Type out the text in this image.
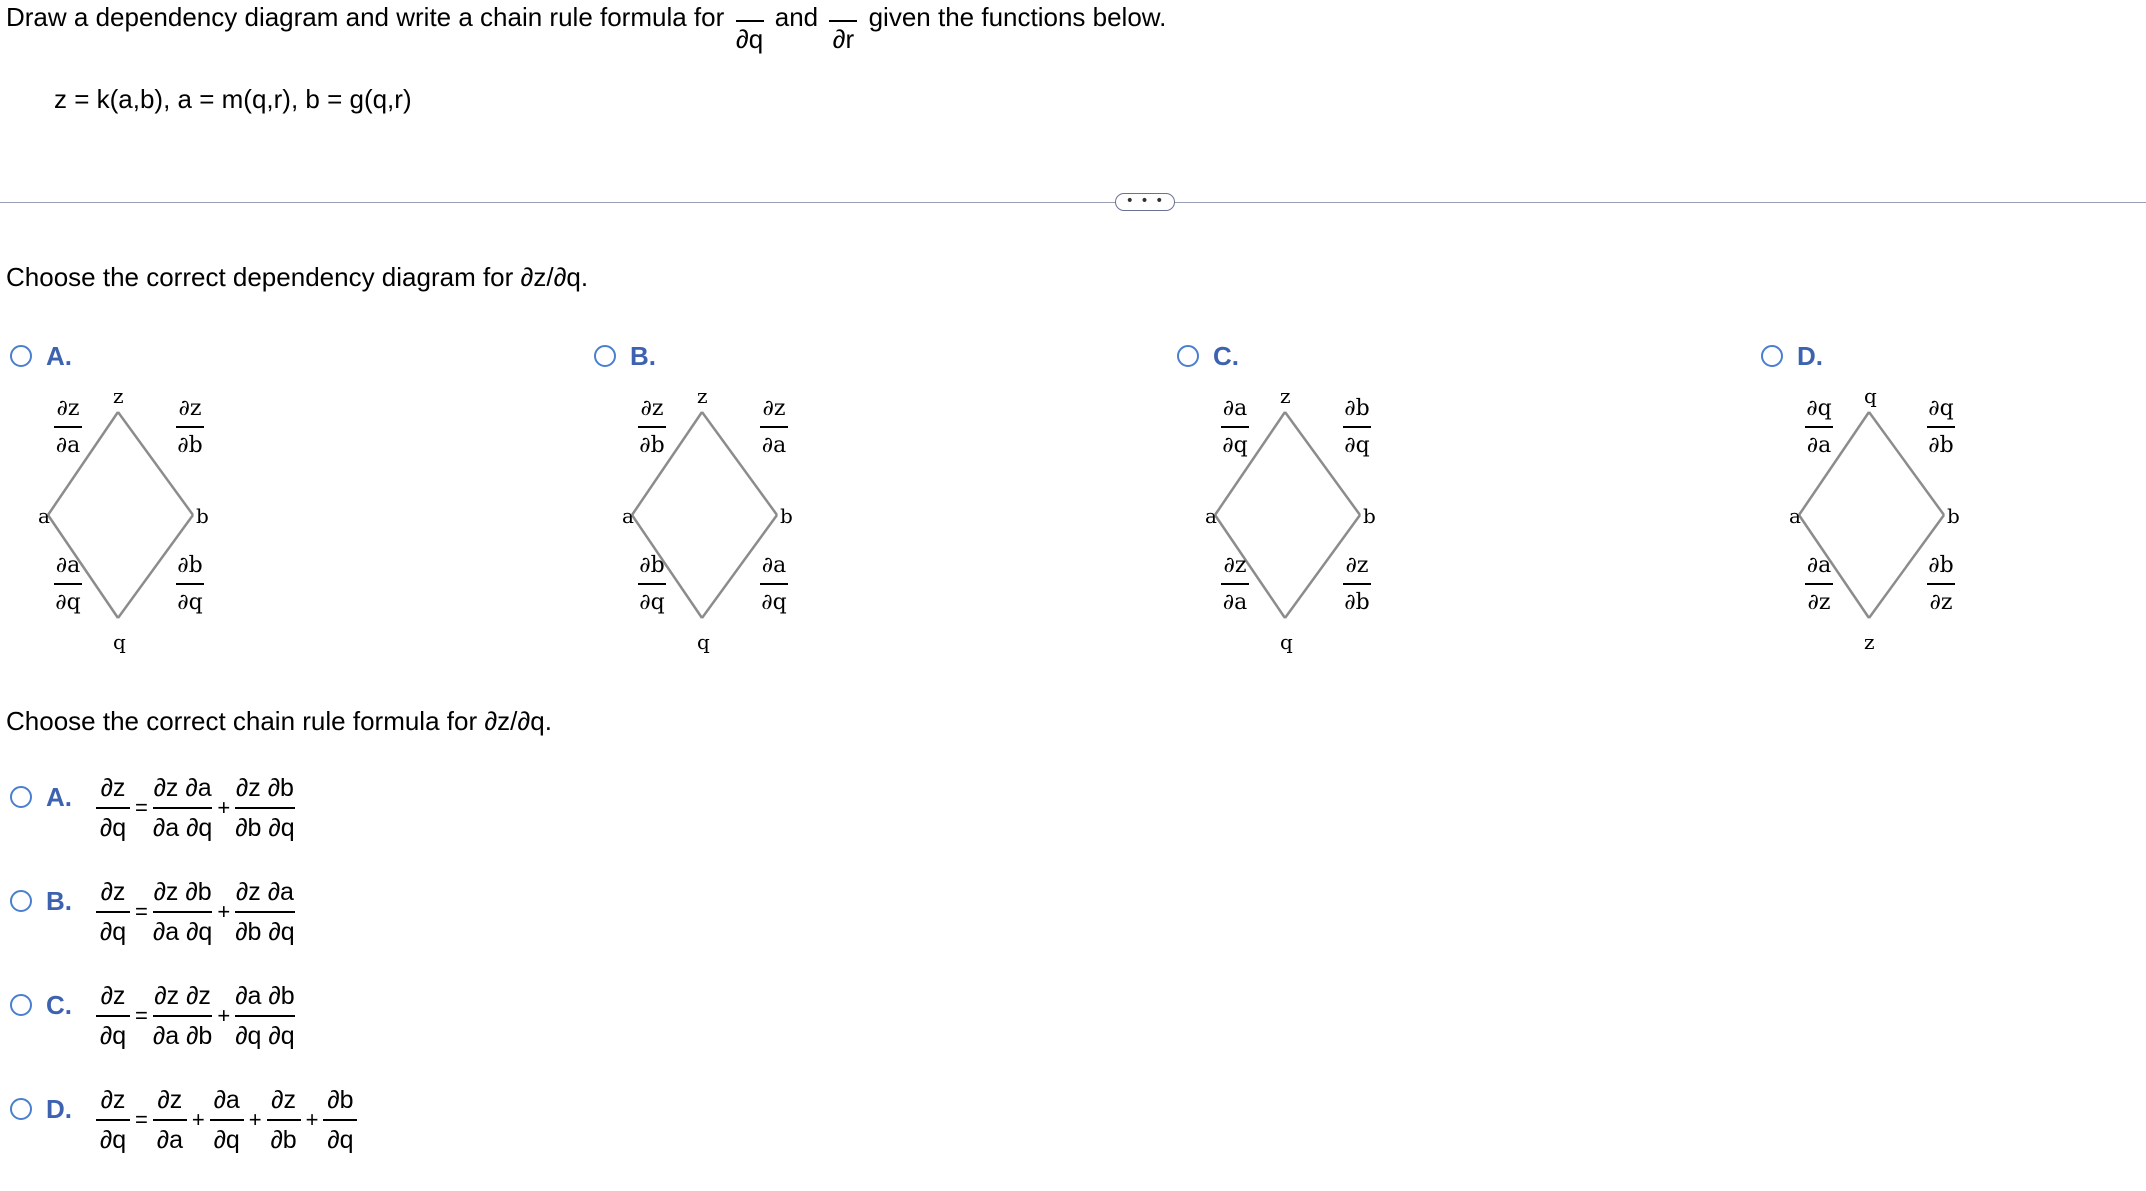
Draw a dependency diagram and write a chain rule formula for
∂q
and
∂r
given the functions below.
z = k(a,b), a = m(q,r), b = g(q,r)
• • •
Choose the correct dependency diagram for ∂z/∂q.
A.
z
a	b
q
∂z
∂a
∂z
∂b
∂a
∂q
∂b
∂q
B.
z
a	b
q
∂z
∂b
∂z
∂a
∂b
∂q
∂a
∂q
C.
z
a	b
q
∂a
∂q
∂b
∂q
∂z
∂a
∂z
∂b
D.
q
a	b
z
∂q
∂a
∂q
∂b
∂a
∂z
∂b
∂z
Choose the correct chain rule formula for ∂z/∂q.
A. $\frac{\partial z}{\partial q} = \frac{\partial z \partial a}{\partial a \partial q} + \frac{\partial z \partial b}{\partial b \partial q}$
B. $\frac{\partial z}{\partial q} = \frac{\partial z \partial b}{\partial a \partial q} + \frac{\partial z \partial a}{\partial b \partial q}$
C. $\frac{\partial z}{\partial q} = \frac{\partial z \partial z}{\partial a \partial b} + \frac{\partial a \partial b}{\partial q \partial q}$
D. $\frac{\partial z}{\partial q} = \frac{\partial z}{\partial a} + \frac{\partial a}{\partial q} + \frac{\partial z}{\partial b} + \frac{\partial b}{\partial q}$
